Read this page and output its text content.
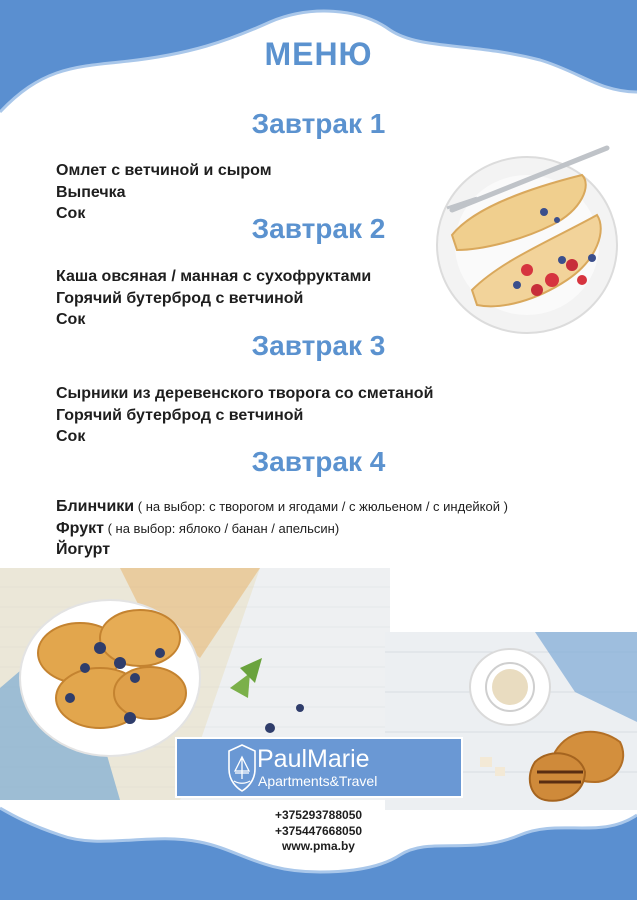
МЕНЮ
Завтрак 1
Омлет с ветчиной и сыром
Выпечка
Сок	Завтрак 2
Каша овсяная / манная с сухофруктами
Горячий бутерброд с ветчиной
Сок
Завтрак 3
Сырники из деревенского творога со сметаной
Горячий бутерброд с ветчиной
Сок
Завтрак 4
Блинчики ( на выбор: с творогом и ягодами / с жюльеном / с индейкой )
Фрукт ( на выбор: яблоко / банан / апельсин)
Йогурт
PaulMarie
Apartments&Travel
+375293788050
+375447668050
www.pma.by
